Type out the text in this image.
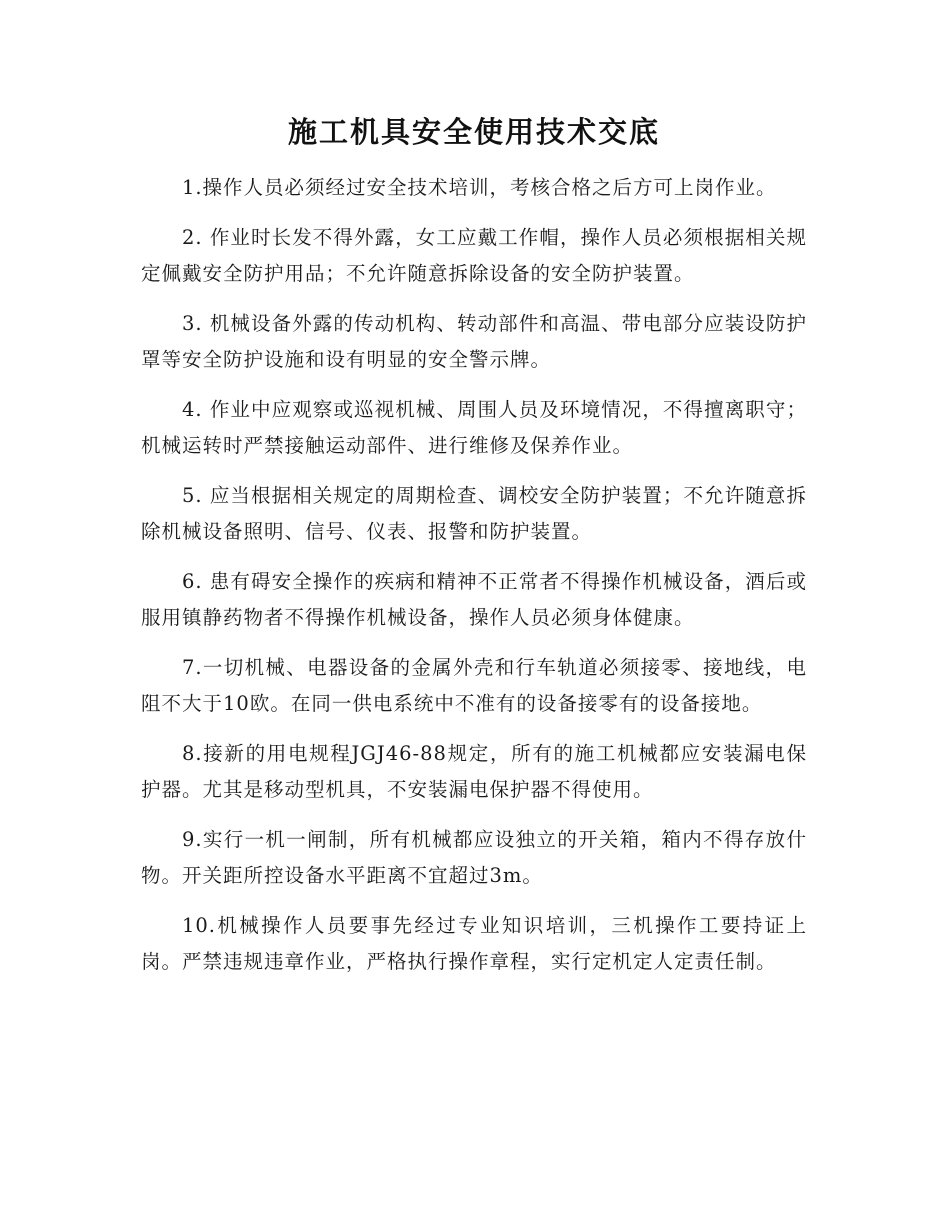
施工机具安全使用技术交底

1.操作人员必须经过安全技术培训，考核合格之后方可上岗作业。

2. 作业时长发不得外露，女工应戴工作帽，操作人员必须根据相关规定佩戴安全防护用品；不允许随意拆除设备的安全防护装置。

3. 机械设备外露的传动机构、转动部件和高温、带电部分应装设防护罩等安全防护设施和设有明显的安全警示牌。

4. 作业中应观察或巡视机械、周围人员及环境情况，不得擅离职守；机械运转时严禁接触运动部件、进行维修及保养作业。

5. 应当根据相关规定的周期检查、调校安全防护装置；不允许随意拆除机械设备照明、信号、仪表、报警和防护装置。

6. 患有碍安全操作的疾病和精神不正常者不得操作机械设备，酒后或服用镇静药物者不得操作机械设备，操作人员必须身体健康。

7.一切机械、电器设备的金属外壳和行车轨道必须接零、接地线，电阻不大于10欧。在同一供电系统中不准有的设备接零有的设备接地。

8.接新的用电规程JGJ46-88规定，所有的施工机械都应安装漏电保护器。尤其是移动型机具，不安装漏电保护器不得使用。

9.实行一机一闸制，所有机械都应设独立的开关箱，箱内不得存放什物。开关距所控设备水平距离不宜超过3m。

10.机械操作人员要事先经过专业知识培训，三机操作工要持证上岗。严禁违规违章作业，严格执行操作章程，实行定机定人定责任制。
